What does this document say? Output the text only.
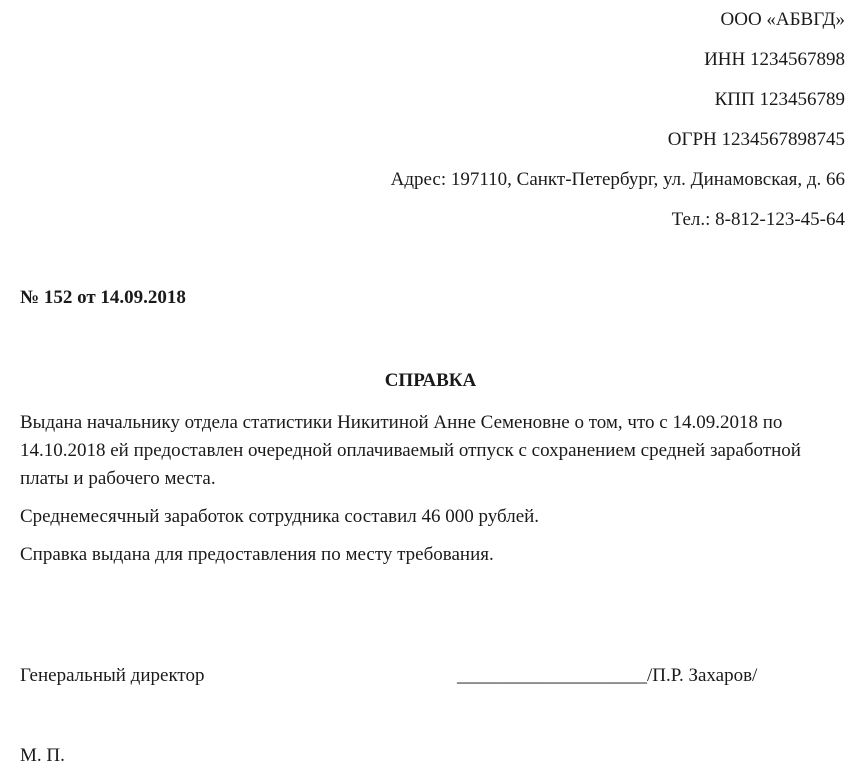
ООО «АБВГД»
ИНН 1234567898
КПП 123456789
ОГРН 1234567898745
Адрес: 197110, Санкт-Петербург, ул. Динамовская, д. 66
Тел.: 8-812-123-45-64
№ 152 от 14.09.2018
СПРАВКА

Выдана начальнику отдела статистики Никитиной Анне Семеновне о том, что с 14.09.2018 по 14.10.2018 ей предоставлен очередной оплачиваемый отпуск с сохранением средней заработной платы и рабочего места.

Среднемесячный заработок сотрудника составил 46 000 рублей.

Справка выдана для предоставления по месту требования.

Генеральный директор	____________________/П.Р. Захаров/
М. П.
